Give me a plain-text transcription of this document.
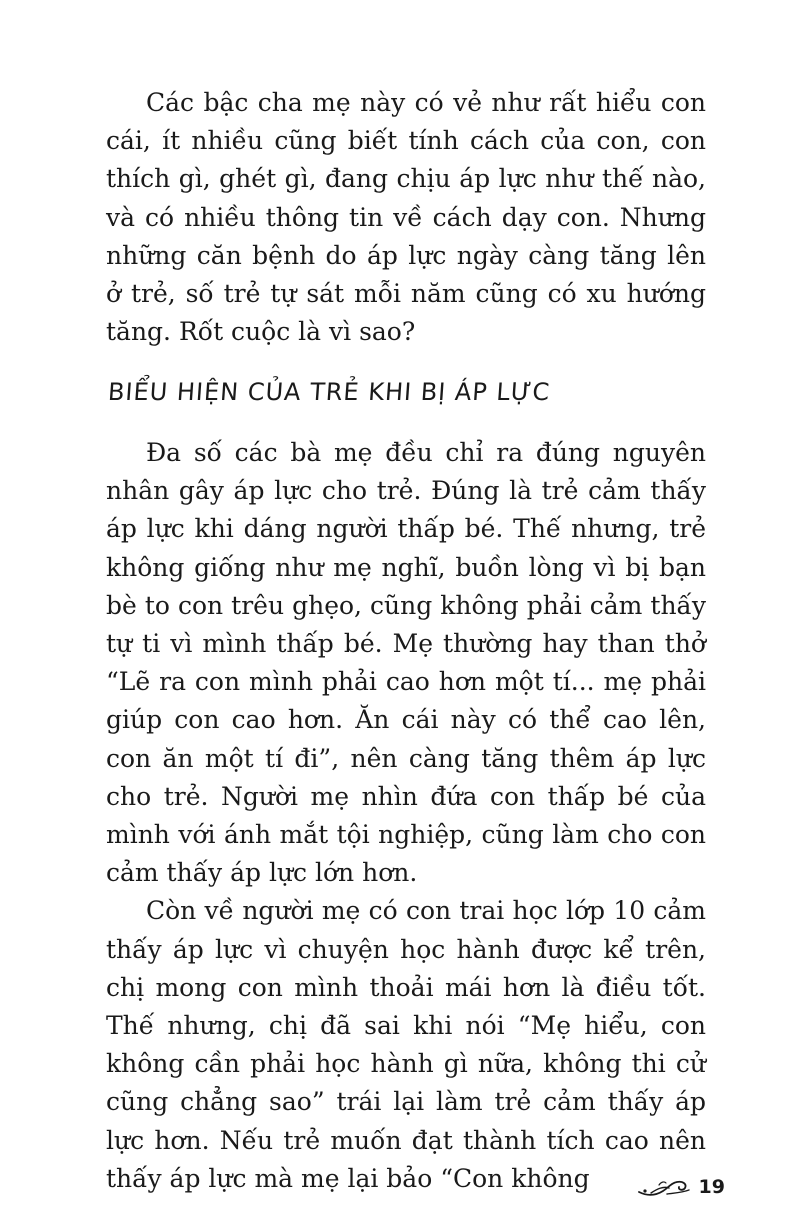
Các bậc cha mẹ này có vẻ như rất hiểu con cái, ít nhiều cũng biết tính cách của con, con thích gì, ghét gì, đang chịu áp lực như thế nào, và có nhiều thông tin về cách dạy con. Nhưng những căn bệnh do áp lực ngày càng tăng lên ở trẻ, số trẻ tự sát mỗi năm cũng có xu hướng tăng. Rốt cuộc là vì sao?

BIỂU HIỆN CỦA TRẺ KHI BỊ ÁP LỰC

Đa số các bà mẹ đều chỉ ra đúng nguyên nhân gây áp lực cho trẻ. Đúng là trẻ cảm thấy áp lực khi dáng người thấp bé. Thế nhưng, trẻ không giống như mẹ nghĩ, buồn lòng vì bị bạn bè to con trêu ghẹo, cũng không phải cảm thấy tự ti vì mình thấp bé. Mẹ thường hay than thở “Lẽ ra con mình phải cao hơn một tí... mẹ phải giúp con cao hơn. Ăn cái này có thể cao lên, con ăn một tí đi”, nên càng tăng thêm áp lực cho trẻ. Người mẹ nhìn đứa con thấp bé của mình với ánh mắt tội nghiệp, cũng làm cho con cảm thấy áp lực lớn hơn.

Còn về người mẹ có con trai học lớp 10 cảm thấy áp lực vì chuyện học hành được kể trên, chị mong con mình thoải mái hơn là điều tốt. Thế nhưng, chị đã sai khi nói “Mẹ hiểu, con không cần phải học hành gì nữa, không thi cử cũng chẳng sao” trái lại làm trẻ cảm thấy áp lực hơn. Nếu trẻ muốn đạt thành tích cao nên thấy áp lực mà mẹ lại bảo “Con không	19
